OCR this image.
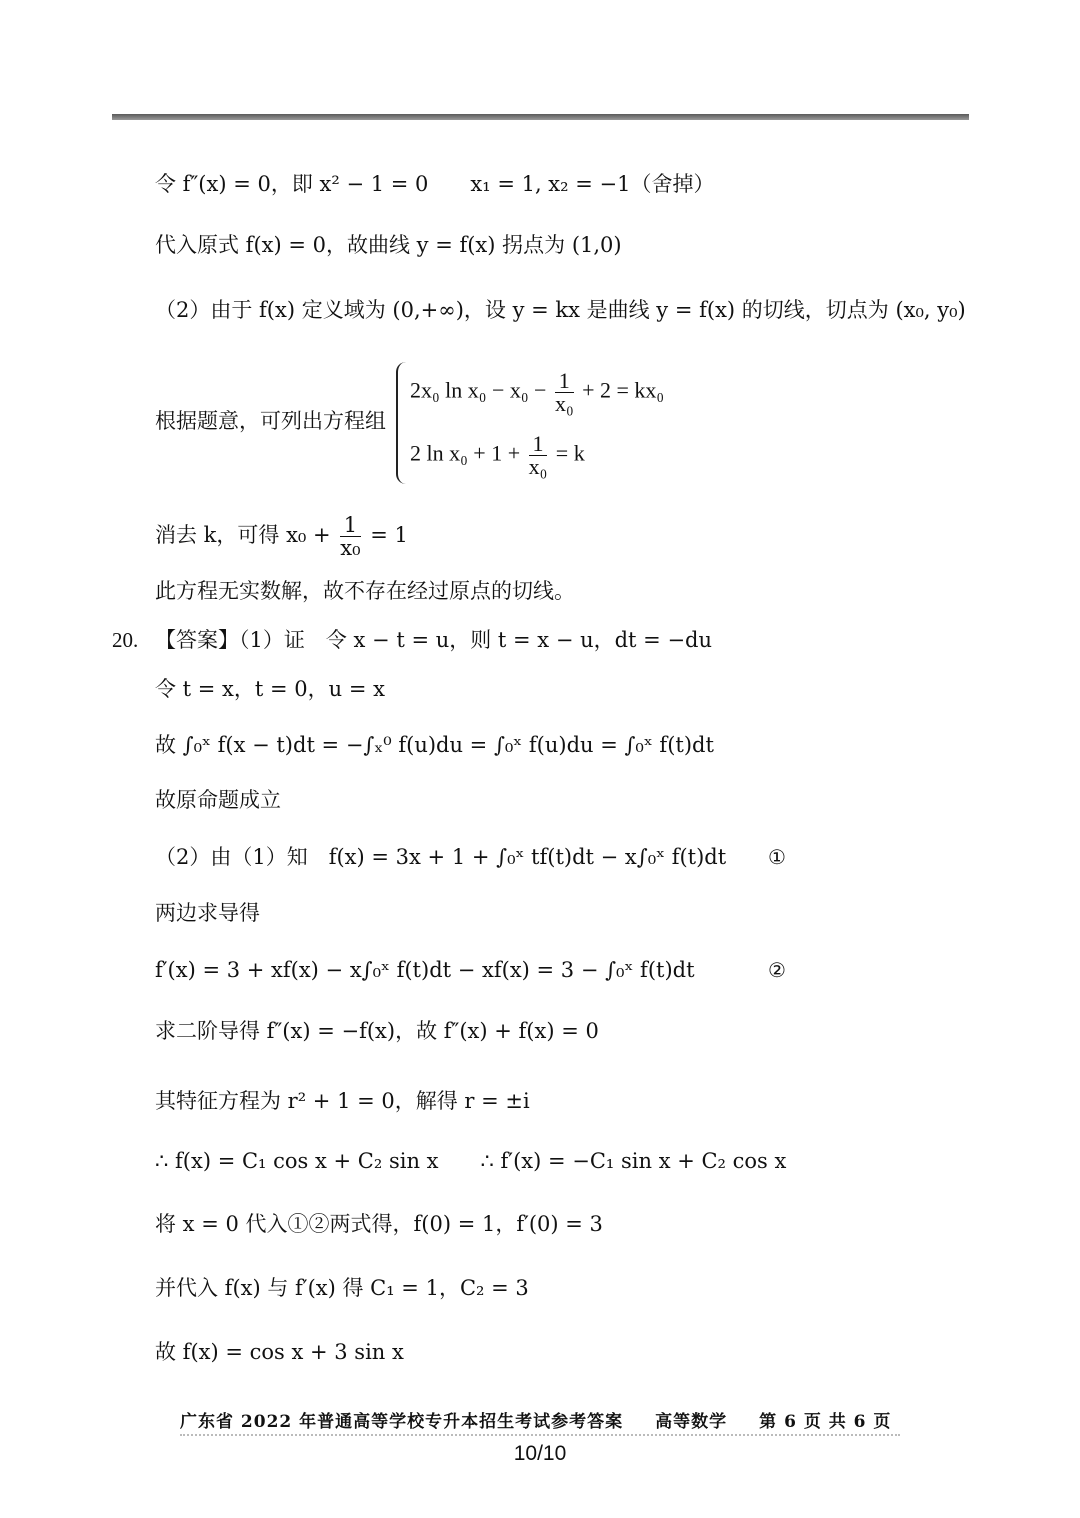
令 f″(x) = 0，即 x² − 1 = 0　　x₁ = 1, x₂ = −1（舍掉）
代入原式 f(x) = 0，故曲线 y = f(x) 拐点为 (1,0)
（2）由于 f(x) 定义域为 (0,+∞)，设 y = kx 是曲线 y = f(x) 的切线，切点为 (x₀, y₀)
根据题意，可列出方程组
2x₀ $\ln x_0 - x_0 - \frac{1}{\text{x₀}} + 2 = kx_0$
2 $\ln x_0 + 1 + \frac{1}{\text{x₀}} = k$
消去 k，可得 $x_0 + \frac{1}{\text{x₀}} = 1$
此方程无实数解，故不存在经过原点的切线。
20. 【答案】（1）证　令 x − t = u，则 t = x − u，dt = −du
令 t = x，t = 0，u = x
故 ∫₀ˣ f(x − t)dt = −∫ₓ⁰ f(u)du = ∫₀ˣ f(u)du = ∫₀ˣ f(t)dt
故原命题成立
（2）由（1）知　f(x) = 3x + 1 + ∫₀ˣ tf(t)dt − x∫₀ˣ f(t)dt ①
两边求导得
f′(x) = 3 + xf(x) − x∫₀ˣ f(t)dt − xf(x) = 3 − ∫₀ˣ f(t)dt	②
求二阶导得 f″(x) = −f(x)，故 f″(x) + f(x) = 0
其特征方程为 r² + 1 = 0，解得 r = ±i
∴ f(x) = C₁ cos x + C₂ sin x　　∴ f′(x) = −C₁ sin x + C₂ cos x
将 x = 0 代入①②两式得，f(0) = 1，f′(0) = 3
并代入 f(x) 与 f′(x) 得 C₁ = 1，C₂ = 3
故 f(x) = cos x + 3 sin x
广东省 2022 年普通高等学校专升本招生考试参考答案 高等数学 第 6 页 共 6 页
10/10
